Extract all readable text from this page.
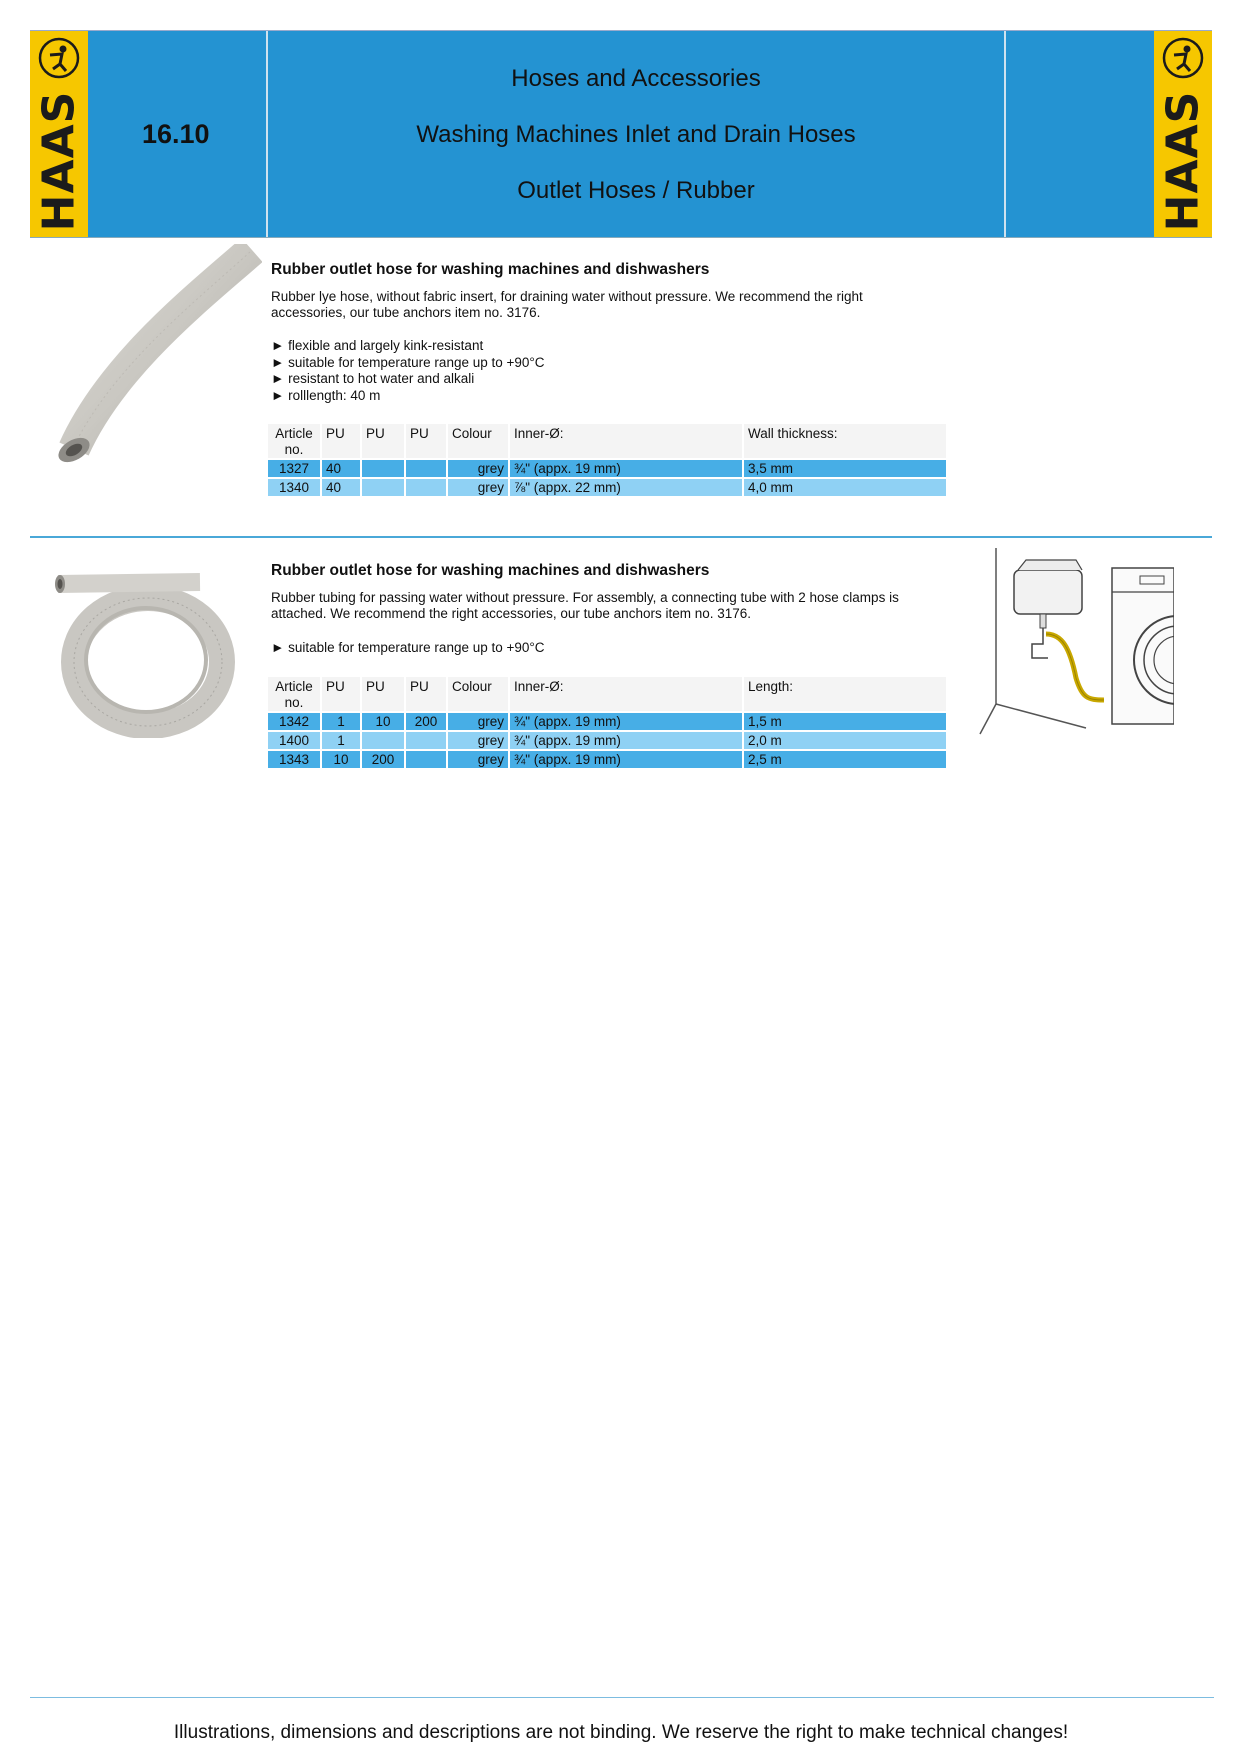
HAAS	HAAS
16.10
Hoses and Accessories
Washing Machines Inlet and Drain Hoses
Outlet Hoses / Rubber
Rubber outlet hose for washing machines and dishwashers
Rubber lye hose, without fabric insert, for draining water without pressure. We recommend the right accessories, our tube anchors item no. 3176.
► flexible and largely kink-resistant
► suitable for temperature range up to +90°C
► resistant to hot water and alkali
► rolllength: 40 m
Article no.	PU	PU	PU	Colour	Inner-Ø:	Wall thickness:
1327	40			grey	¾" (appx. 19 mm)	3,5 mm
1340	40			grey	⅞" (appx. 22 mm)	4,0 mm
Rubber outlet hose for washing machines and dishwashers
Rubber tubing for passing water without pressure. For assembly, a connecting tube with 2 hose clamps is attached. We recommend the right accessories, our tube anchors item no. 3176.
► suitable for temperature range up to +90°C
Article no.	PU	PU	PU	Colour	Inner-Ø:	Length:
1342	1	10	200	grey	¾" (appx. 19 mm)	1,5 m
1400	1			grey	¾" (appx. 19 mm)	2,0 m
1343	10	200		grey	¾" (appx. 19 mm)	2,5 m
Illustrations, dimensions and descriptions are not binding. We reserve the right to make technical changes!
